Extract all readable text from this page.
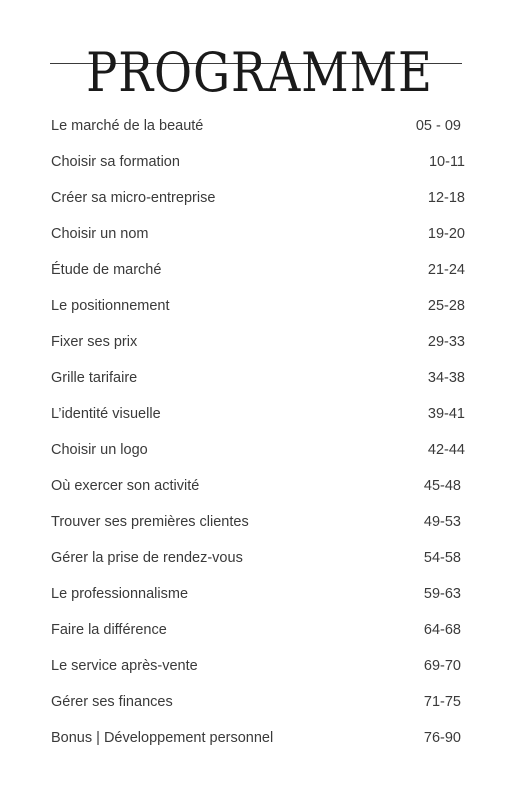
PROGRAMME
Le marché de la beauté	05 - 09
Choisir sa formation	10-11
Créer sa micro-entreprise	12-18
Choisir un nom	19-20
Étude de marché	21-24
Le positionnement	25-28
Fixer ses prix	29-33
Grille tarifaire	34-38
L’identité visuelle	39-41
Choisir un logo	42-44
Où exercer son activité	45-48
Trouver ses premières clientes	49-53
Gérer la prise de rendez-vous	54-58
Le professionnalisme	59-63
Faire la différence	64-68
Le service après-vente	69-70
Gérer ses finances	71-75
Bonus | Développement personnel	76-90
